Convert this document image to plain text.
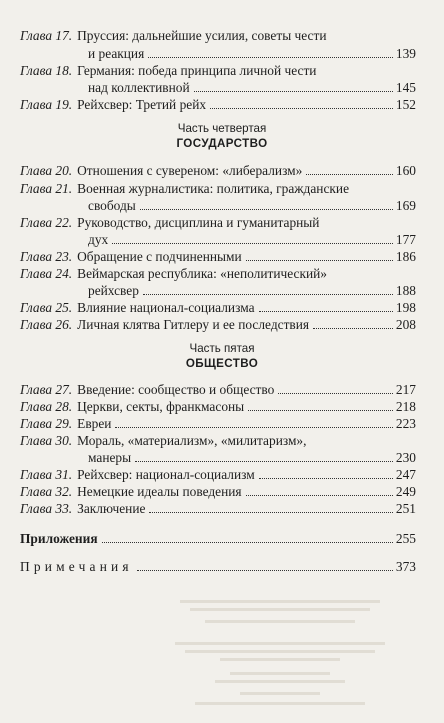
Глава 17. Пруссия: дальнейшие усилия, советы чести
и реакция	139
Глава 18. Германия: победа принципа личной чести
над коллективной	145
Глава 19. Рейхсвер: Третий рейх	152
Часть четвертая
ГОСУДАРСТВО
Глава 20. Отношения с сувереном: «либерализм»	160
Глава 21. Военная журналистика: политика, гражданские
свободы	169
Глава 22. Руководство, дисциплина и гуманитарный
дух	177
Глава 23. Обращение с подчиненными	186
Глава 24. Веймарская республика: «неполитический»
рейхсвер	188
Глава 25. Влияние национал-социализма	198
Глава 26. Личная клятва Гитлеру и ее последствия	208
Часть пятая
ОБЩЕСТВО
Глава 27. Введение: сообщество и общество	217
Глава 28. Церкви, секты, франкмасоны	218
Глава 29. Евреи	223
Глава 30. Мораль, «материализм», «милитаризм»,
манеры	230
Глава 31. Рейхсвер: национал-социализм	247
Глава 32. Немецкие идеалы поведения	249
Глава 33. Заключение	251
Приложения	255
Примечания	373
